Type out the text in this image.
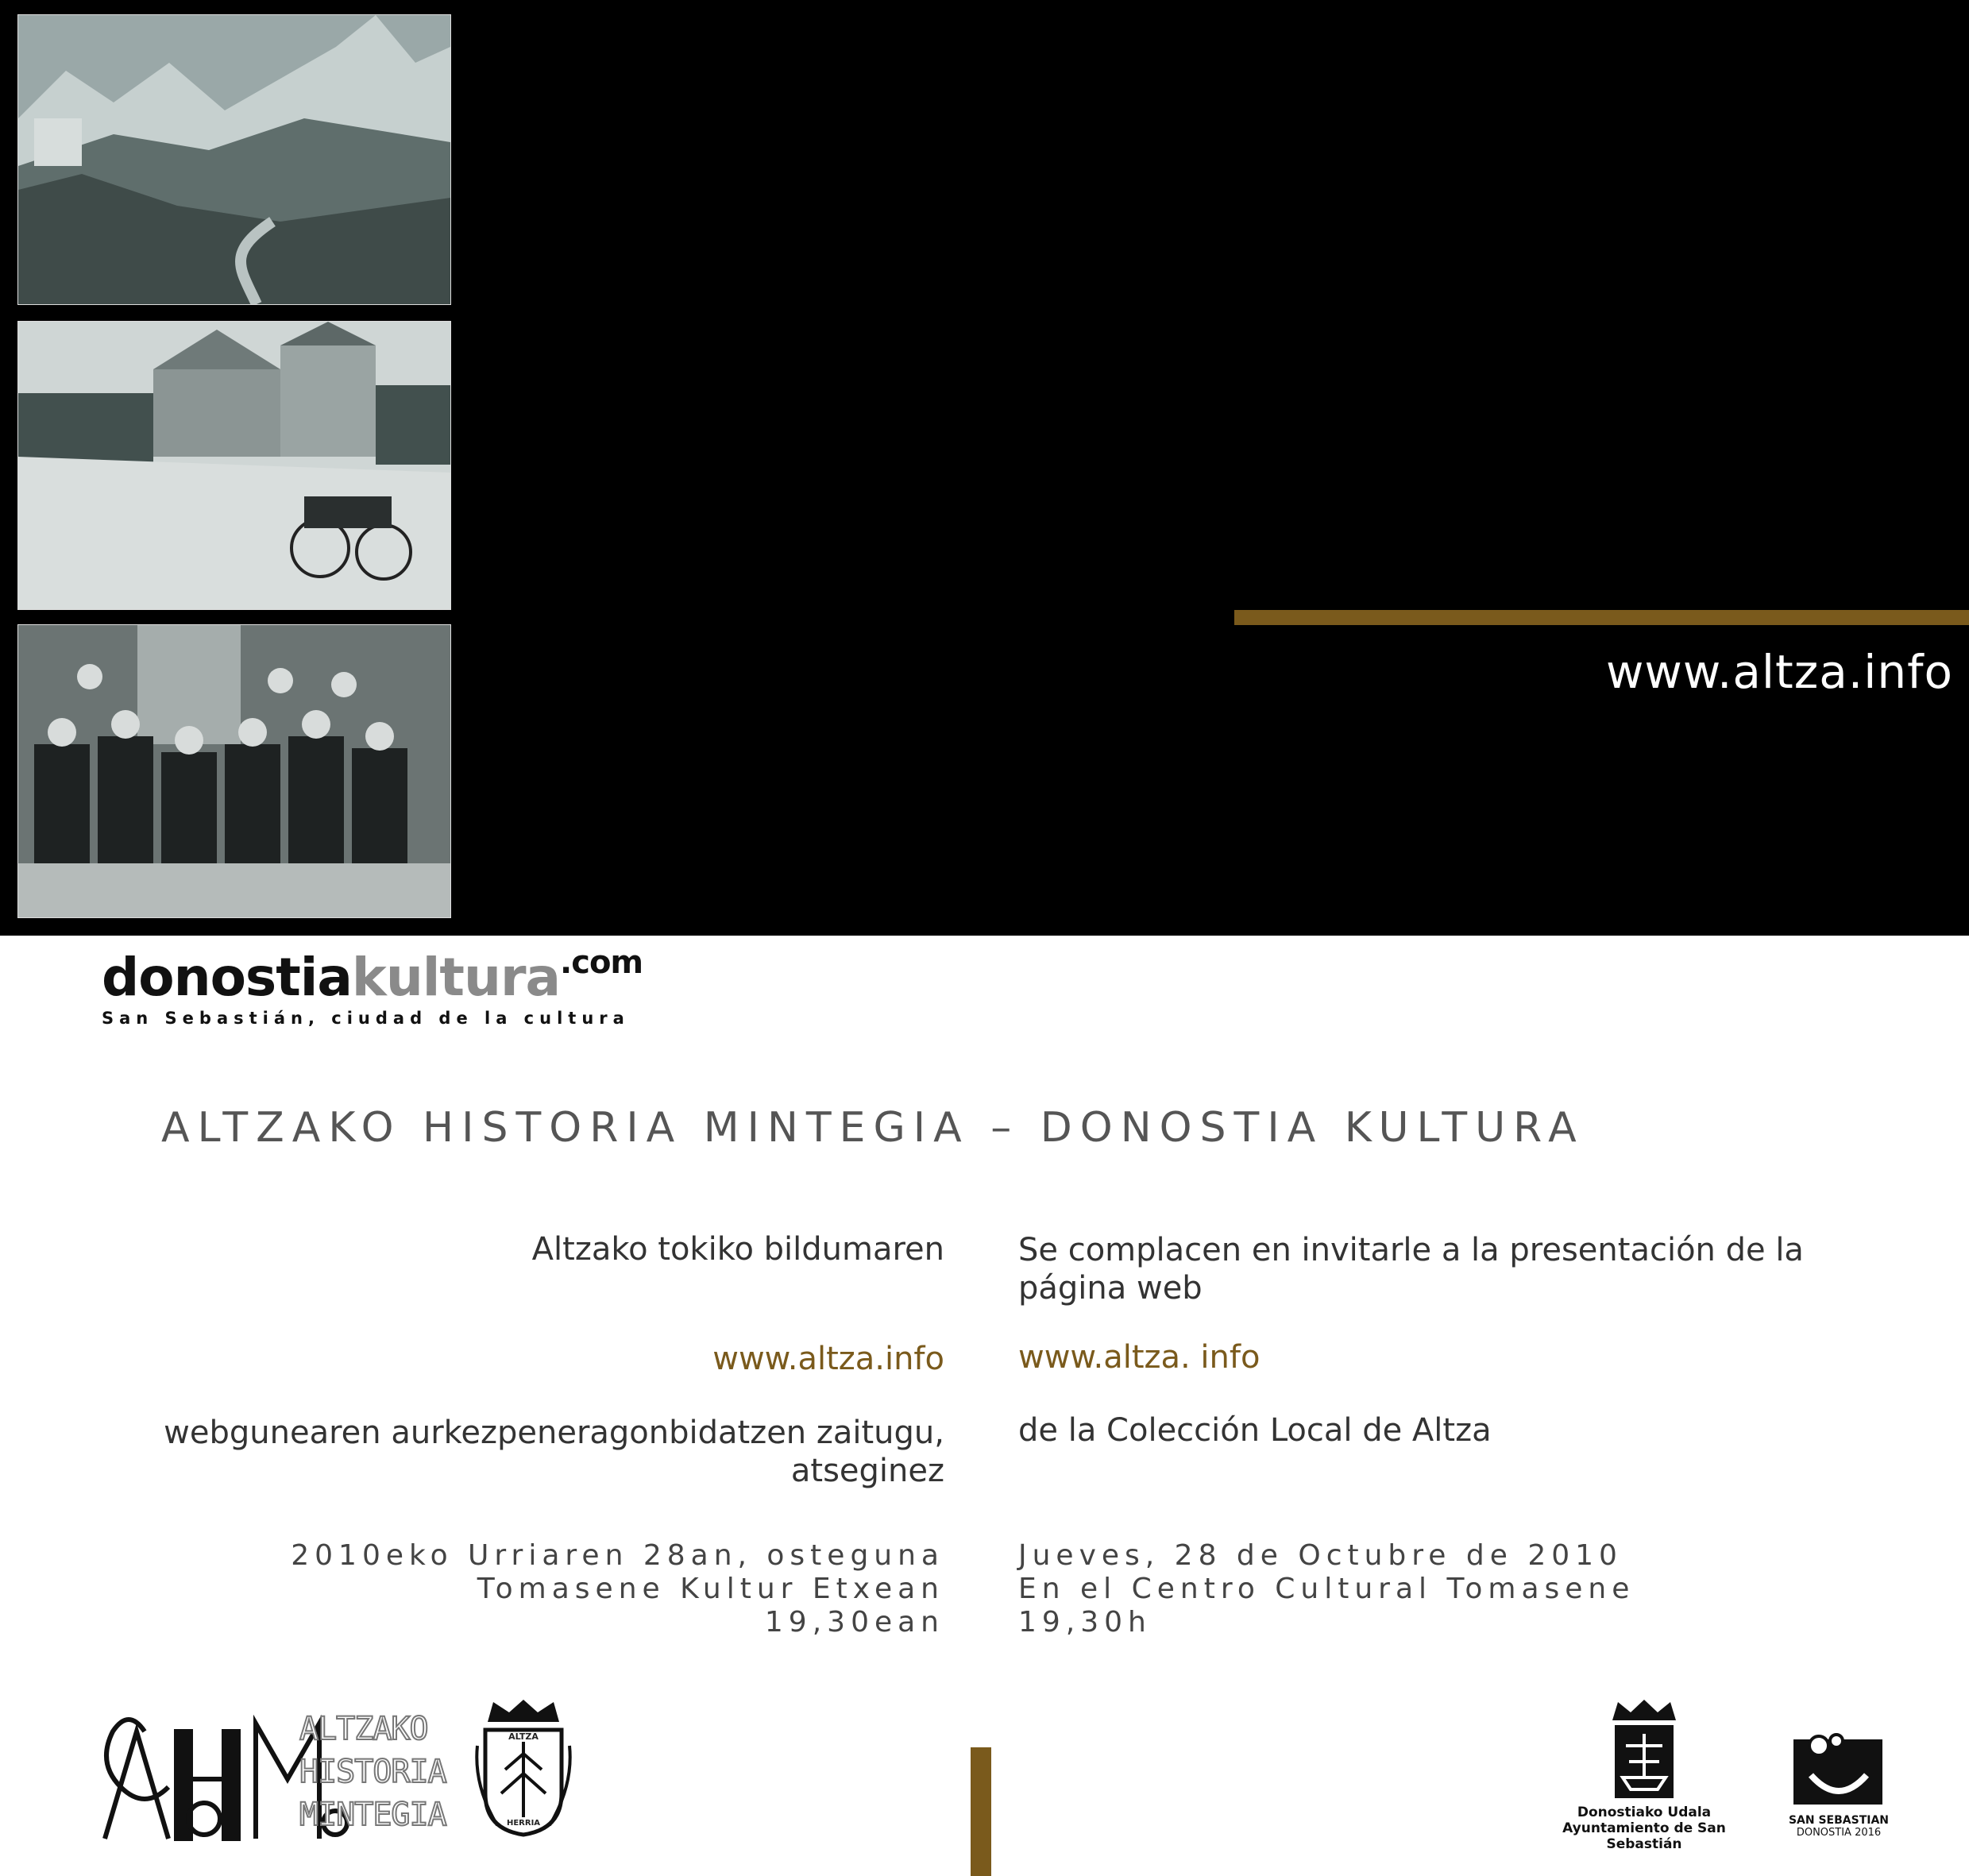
www.altza.info
donostiakultura$^{.com}$
San Sebastián, ciudad de la cultura
ALTZAKO HISTORIA MINTEGIA – DONOSTIA KULTURA
Altzako tokiko bildumaren
www.altza.info
webgunearen aurkezpeneragonbidatzen zaitugu,
atseginez
2010eko Urriaren 28an, osteguna
Tomasene Kultur Etxean
19,30ean
Se complacen en invitarle a la presentación de la
página web
www.altza. info
de la Colección Local de Altza
Jueves, 28 de Octubre de 2010
En el Centro Cultural Tomasene
19,30h
ALTZAKO
HISTORIA
MINTEGIA
ALTZA
HERRIA
Donostiako Udala
Ayuntamiento de San Sebastián
SAN SEBASTIAN
DONOSTIA 2016
